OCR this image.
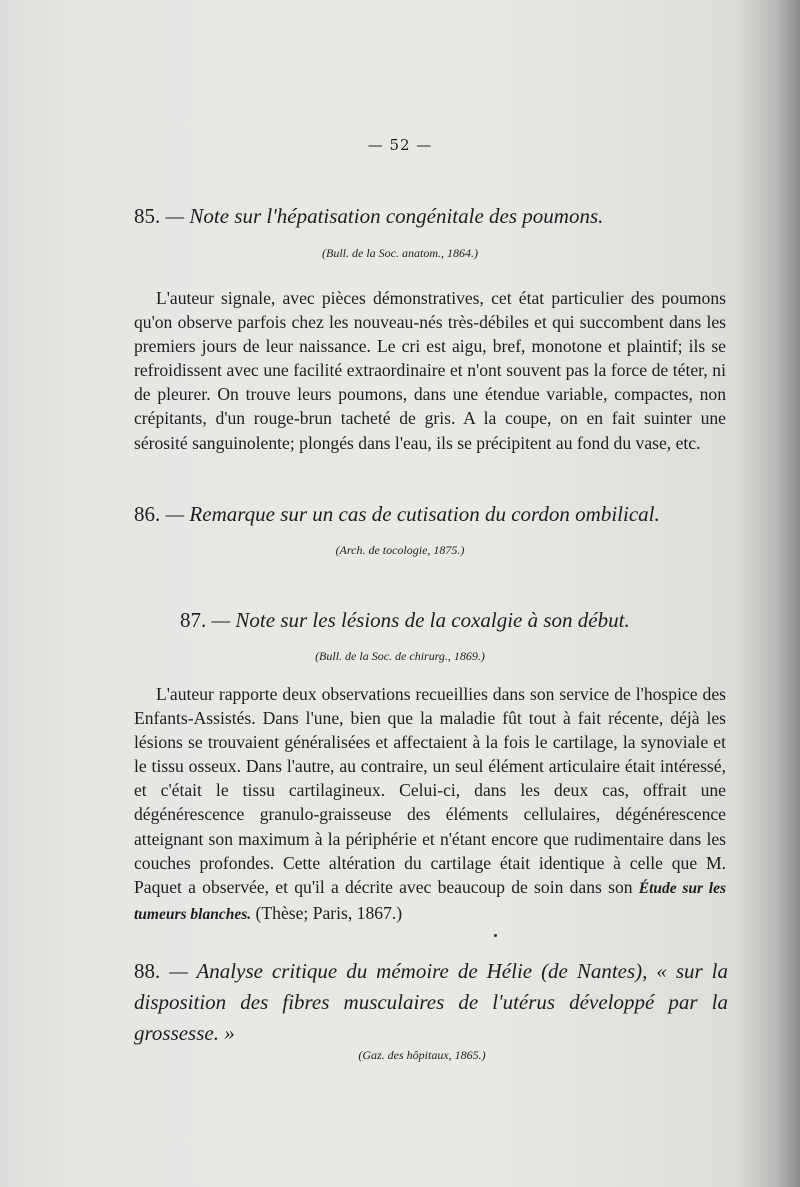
— 52 —
85. — Note sur l'hépatisation congénitale des poumons.
(Bull. de la Soc. anatom., 1864.)
L'auteur signale, avec pièces démonstratives, cet état particulier des poumons qu'on observe parfois chez les nouveau-nés très-débiles et qui succombent dans les premiers jours de leur naissance. Le cri est aigu, bref, monotone et plaintif; ils se refroidissent avec une facilité extraordinaire et n'ont souvent pas la force de téter, ni de pleurer. On trouve leurs poumons, dans une étendue variable, compactes, non crépitants, d'un rouge-brun tacheté de gris. A la coupe, on en fait suinter une sérosité sanguinolente; plongés dans l'eau, ils se précipitent au fond du vase, etc.
86. — Remarque sur un cas de cutisation du cordon ombilical.
(Arch. de tocologie, 1875.)
87. — Note sur les lésions de la coxalgie à son début.
(Bull. de la Soc. de chirurg., 1869.)
L'auteur rapporte deux observations recueillies dans son service de l'hospice des Enfants-Assistés. Dans l'une, bien que la maladie fût tout à fait récente, déjà les lésions se trouvaient généralisées et affectaient à la fois le cartilage, la synoviale et le tissu osseux. Dans l'autre, au contraire, un seul élément articulaire était intéressé, et c'était le tissu cartilagineux. Celui-ci, dans les deux cas, offrait une dégénérescence granulo-graisseuse des éléments cellulaires, dégénérescence atteignant son maximum à la périphérie et n'étant encore que rudimentaire dans les couches profondes. Cette altération du cartilage était identique à celle que M. Paquet a observée, et qu'il a décrite avec beaucoup de soin dans son Étude sur les tumeurs blanches. (Thèse; Paris, 1867.)
88. — Analyse critique du mémoire de Hélie (de Nantes), « sur la disposition des fibres musculaires de l'utérus développé par la grossesse. »
(Gaz. des hôpitaux, 1865.)
